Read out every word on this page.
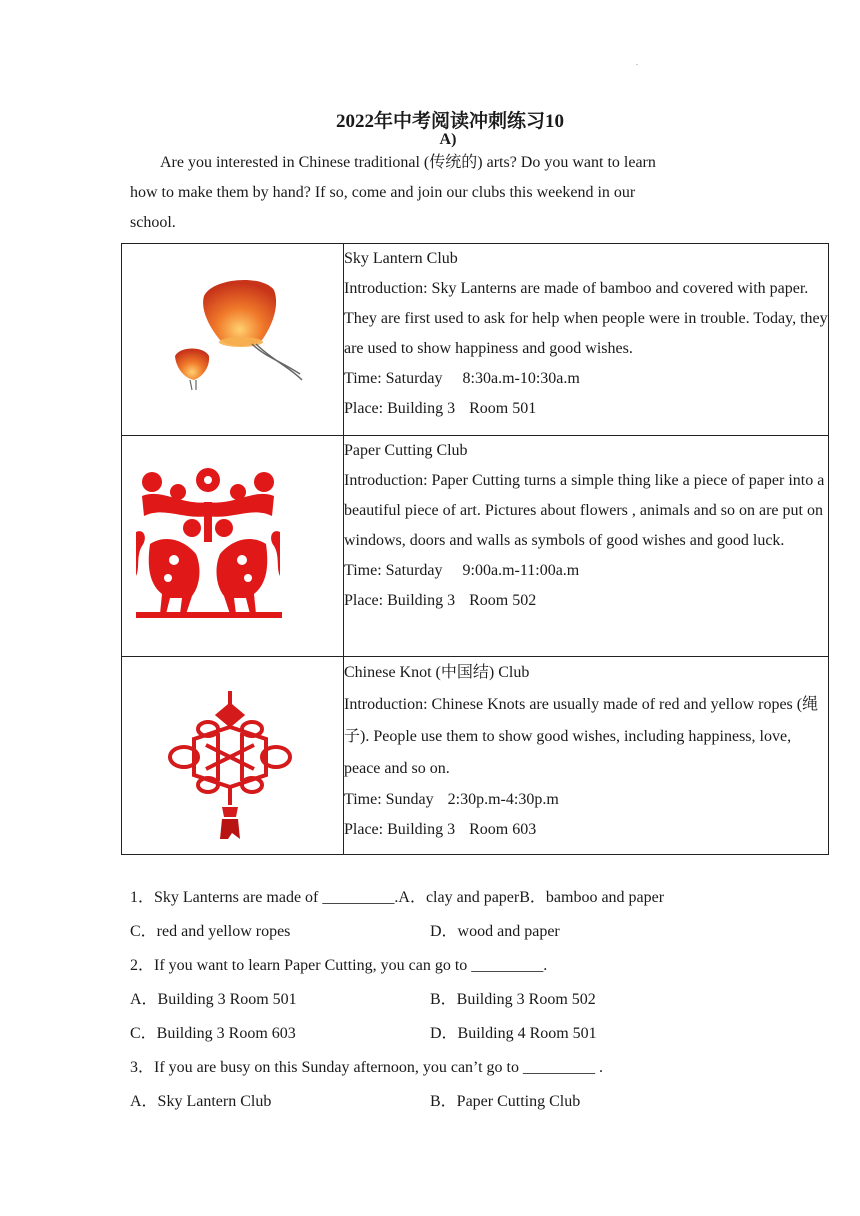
.
2022年中考阅读冲刺练习10
A)
Are you interested in Chinese traditional (传统的) arts? Do you want to learn
how to make them by hand? If so, come and join our clubs this weekend in our
school.

Sky Lantern Club
Introduction: Sky Lanterns are made of bamboo and covered with paper. They are first used to ask for help when people were in trouble. Today, they are used to show happiness and good wishes.
Time: Saturday 8:30a.m-10:30a.m
Place: Building 3 Room 501

Paper Cutting Club
Introduction: Paper Cutting turns a simple thing like a piece of paper into a beautiful piece of art. Pictures about flowers , animals and so on are put on windows, doors and walls as symbols of good wishes and good luck.
Time: Saturday 9:00a.m-11:00a.m
Place: Building 3 Room 502

Chinese Knot (中国结) Club
Introduction: Chinese Knots are usually made of red and yellow ropes (绳子). People use them to show good wishes, including happiness, love, peace and so on.
Time: Sunday 2:30p.m-4:30p.m
Place: Building 3 Room 603
1．Sky Lanterns are made of _________.A．clay and paperB．bamboo and paper
C．red and yellow ropes	D．wood and paper
2．If you want to learn Paper Cutting, you can go to _________.
A．Building 3 Room 501	B．Building 3 Room 502
C．Building 3 Room 603	D．Building 4 Room 501
3．If you are busy on this Sunday afternoon, you can’t go to _________ .
A．Sky Lantern Club	B．Paper Cutting Club
